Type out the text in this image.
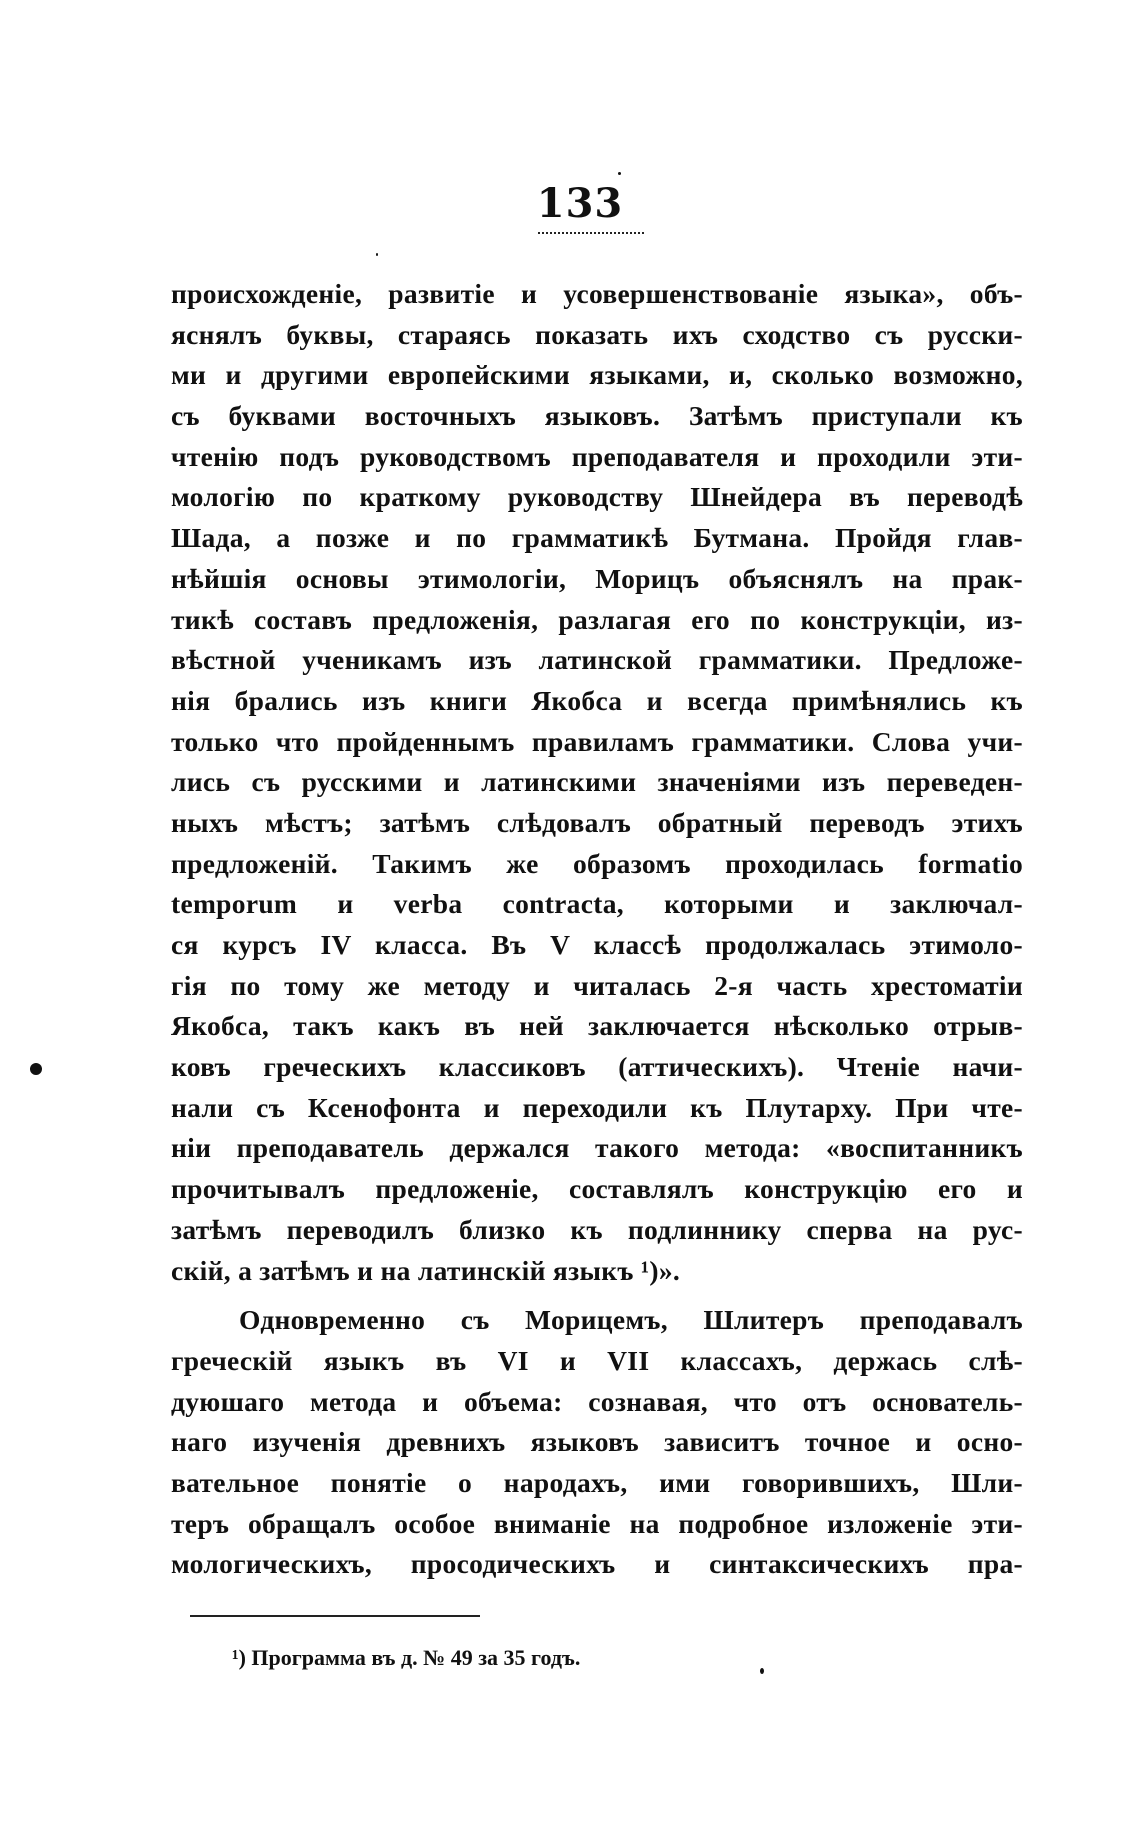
133
происхожденіе, развитіе и усовершенствованіе языка», объ-
яснялъ буквы, стараясь показать ихъ сходство съ русски-
ми и другими европейскими языками, и, сколько возможно,
съ буквами восточныхъ языковъ. Затѣмъ приступали къ
чтенію подъ руководствомъ преподавателя и проходили эти-
мологію по краткому руководству Шнейдера въ переводѣ
Шада, а позже и по грамматикѣ Бутмана. Пройдя глав-
нѣйшія основы этимологіи, Морицъ объяснялъ на прак-
тикѣ составъ предложенія, разлагая его по конструкціи, из-
вѣстной ученикамъ изъ латинской грамматики. Предложе-
нія брались изъ книги Якобса и всегда примѣнялись къ
только что пройденнымъ правиламъ грамматики. Слова учи-
лись съ русскими и латинскими значеніями изъ переведен-
ныхъ мѣстъ; затѣмъ слѣдовалъ обратный переводъ этихъ
предложеній. Такимъ же образомъ проходилась formatio
temporum и verba contracta, которыми и заключал-
ся курсъ IV класса. Въ V классѣ продолжалась этимоло-
гія по тому же методу и читалась 2-я часть хрестоматіи
Якобса, такъ какъ въ ней заключается нѣсколько отрыв-
ковъ греческихъ классиковъ (аттическихъ). Чтеніе начи-
нали съ Ксенофонта и переходили къ Плутарху. При чте-
ніи преподаватель держался такого метода: «воспитанникъ
прочитывалъ предложеніе, составлялъ конструкцію его и
затѣмъ переводилъ близко къ подлиннику сперва на рус-
скій, а затѣмъ и на латинскій языкъ ¹)».
Одновременно съ Морицемъ, Шлитеръ преподавалъ
греческій языкъ въ VI и VII классахъ, держась слѣ-
дуюшаго метода и объема: сознавая, что отъ основатель-
наго изученія древнихъ языковъ зависитъ точное и осно-
вательное понятіе о народахъ, ими говорившихъ, Шли-
теръ обращалъ особое вниманіе на подробное изложеніе эти-
мологическихъ, просодическихъ и синтаксическихъ пра-
¹) Программа въ д. № 49 за 35 годъ.
